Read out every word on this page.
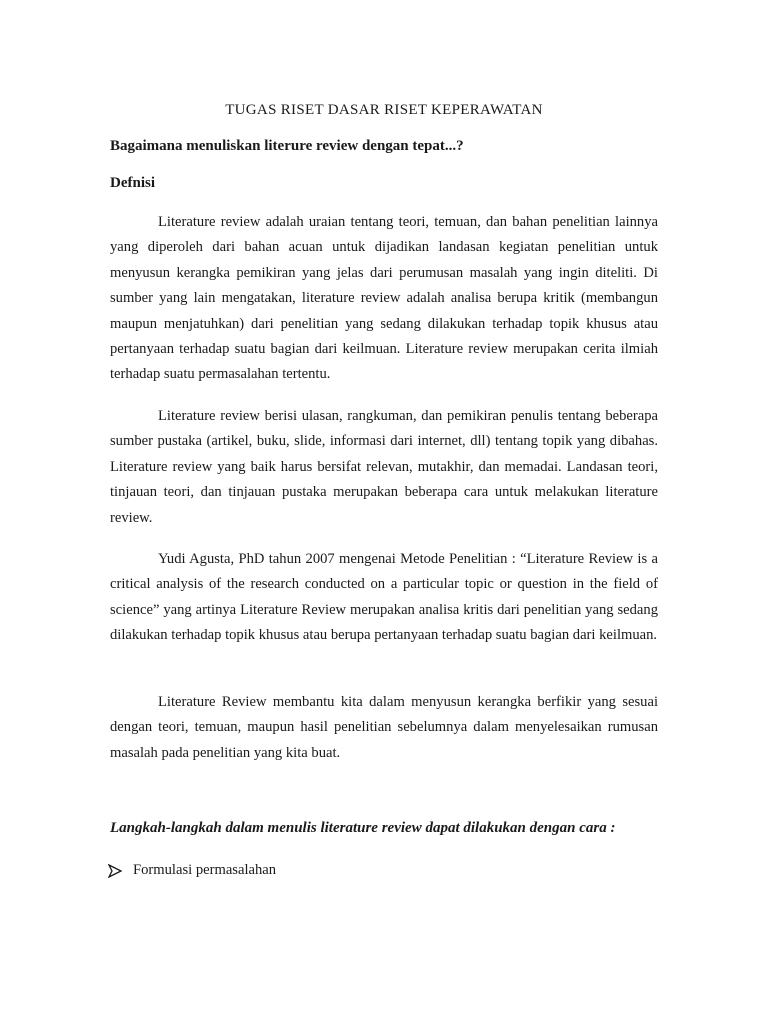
TUGAS RISET DASAR RISET KEPERAWATAN
Bagaimana menuliskan literure review dengan tepat...?
Defnisi

Literature review adalah uraian tentang teori, temuan, dan bahan penelitian lainnya yang diperoleh dari bahan acuan untuk dijadikan landasan kegiatan penelitian untuk menyusun kerangka pemikiran yang jelas dari perumusan masalah yang ingin diteliti. Di sumber yang lain mengatakan, literature review adalah analisa berupa kritik (membangun maupun menjatuhkan) dari penelitian yang sedang dilakukan terhadap topik khusus atau pertanyaan terhadap suatu bagian dari keilmuan. Literature review merupakan cerita ilmiah terhadap suatu permasalahan tertentu.

Literature review berisi ulasan, rangkuman, dan pemikiran penulis tentang beberapa sumber pustaka (artikel, buku, slide, informasi dari internet, dll) tentang topik yang dibahas. Literature review yang baik harus bersifat relevan, mutakhir, dan memadai. Landasan teori, tinjauan teori, dan tinjauan pustaka merupakan beberapa cara untuk melakukan literature review.

Yudi Agusta, PhD tahun 2007 mengenai Metode Penelitian : “Literature Review is a critical analysis of the research conducted on a particular topic or question in the field of science” yang artinya Literature Review merupakan analisa kritis dari penelitian yang sedang dilakukan terhadap topik khusus atau berupa pertanyaan terhadap suatu bagian dari keilmuan.

Literature Review membantu kita dalam menyusun kerangka berfikir yang sesuai dengan teori, temuan, maupun hasil penelitian sebelumnya dalam menyelesaikan rumusan masalah pada penelitian yang kita buat.

Langkah-langkah dalam menulis literature review dapat dilakukan dengan cara :
Formulasi permasalahan
